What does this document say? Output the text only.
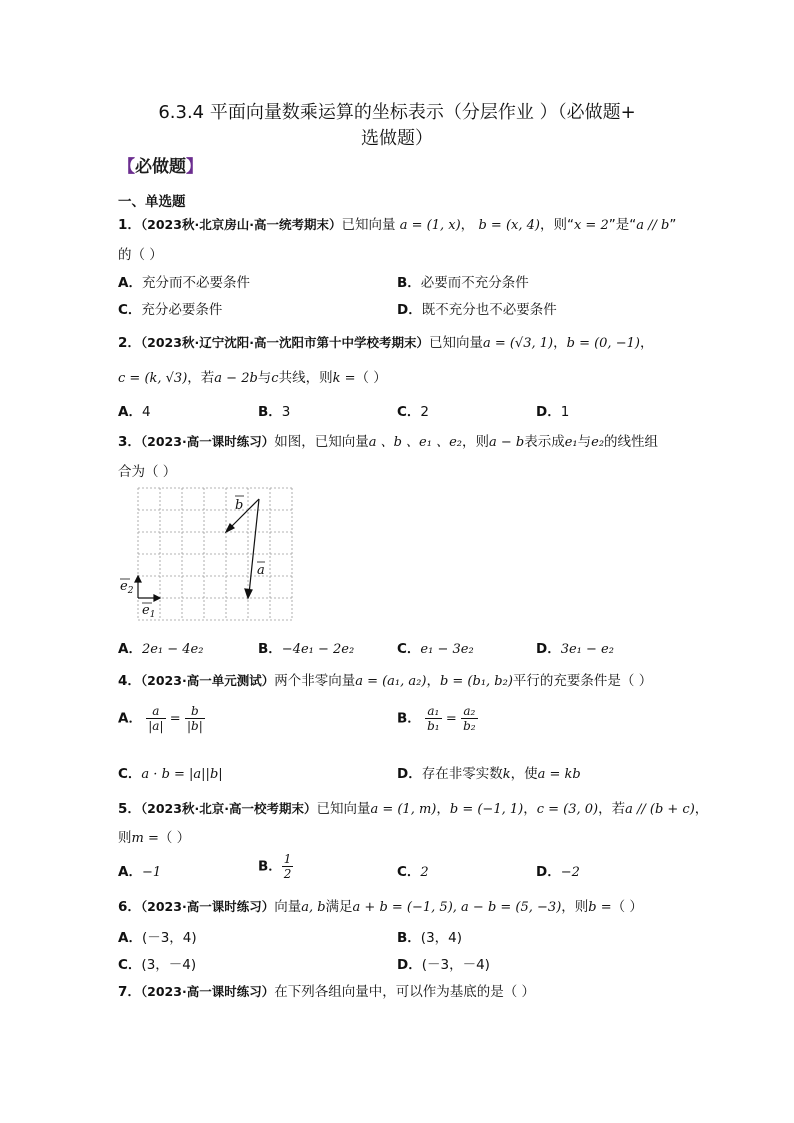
6.3.4 平面向量数乘运算的坐标表示（分层作业 ）（必做题+
选做题）
【必做题】
一、单选题
1．（2023秋·北京房山·高一统考期末）已知向量 a = (1, x)， b = (x, 4)，则“x = 2”是“a // b”
的（ ）
A．充分而不必要条件	B．必要而不充分条件
C．充分必要条件	D．既不充分也不必要条件
2．（2023秋·辽宁沈阳·高一沈阳市第十中学校考期末）已知向量a = (√3, 1)，b = (0, −1)，
c = (k, √3)，若a − 2b与c共线，则k =（ ）
A．4	B．3	C．2	D．1
3．（2023·高一课时练习）如图，已知向量a 、b 、e₁ 、e₂，则a − b表示成e₁与e₂的线性组
合为（ ）
b
a
$e_1$
$e_2$
A．2e₁ − 4e₂	B．−4e₁ − 2e₂	C．e₁ − 3e₂	D．3e₁ − e₂
4．（2023·高一单元测试）两个非零向量a = (a₁, a₂)，b = (b₁, b₂)平行的充要条件是（ ）
A． $\frac{a}{|a|} = \frac{b}{|b|}$	B． $\frac{\text{a₁}}{\text{b₁}} = \frac{\text{a₂}}{\text{b₂}}$
C．a · b = |a||b|	D．存在非零实数k，使a = kb
5．（2023秋·北京·高一校考期末）已知向量a = (1, m)，b = (−1, 1)，c = (3, 0)，若a // (b + c)，
则m =（ ）
A．−1	B． $\frac{1}{2}$	C．2	D．−2
6．（2023·高一课时练习）向量a, b满足a + b = (−1, 5), a − b = (5, −3)，则b =（ ）
A．(－3，4)	B．(3，4)
C．(3，－4)	D．(－3，－4)
7．（2023·高一课时练习）在下列各组向量中，可以作为基底的是（ ）
